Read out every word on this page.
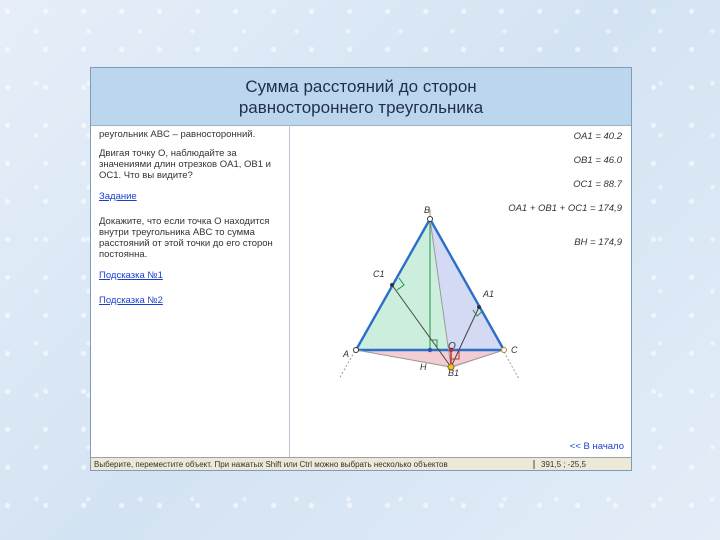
Сумма расстояний до сторон
равностороннего треугольника

реугольник ABC – равносторонний.

Двигая точку O, наблюдайте за значениями длин отрезков OA1, OB1 и OC1. Что вы видите?

Задание

Докажите, что если точка O находится внутри треугольника ABC то сумма расстояний от этой точки до его сторон постоянна.

Подсказка №1
Подсказка №2
OA1 = 40.2
OB1 = 46.0
OC1 = 88.7
OA1 + OB1 + OC1 = 174,9
BH = 174,9
B
A	C
O
A1
C1
H
B1
<< В начало
Выберите, переместите объект. При нажатых Shift или Ctrl можно выбрать несколько объектов	391,5 ; -25,5
